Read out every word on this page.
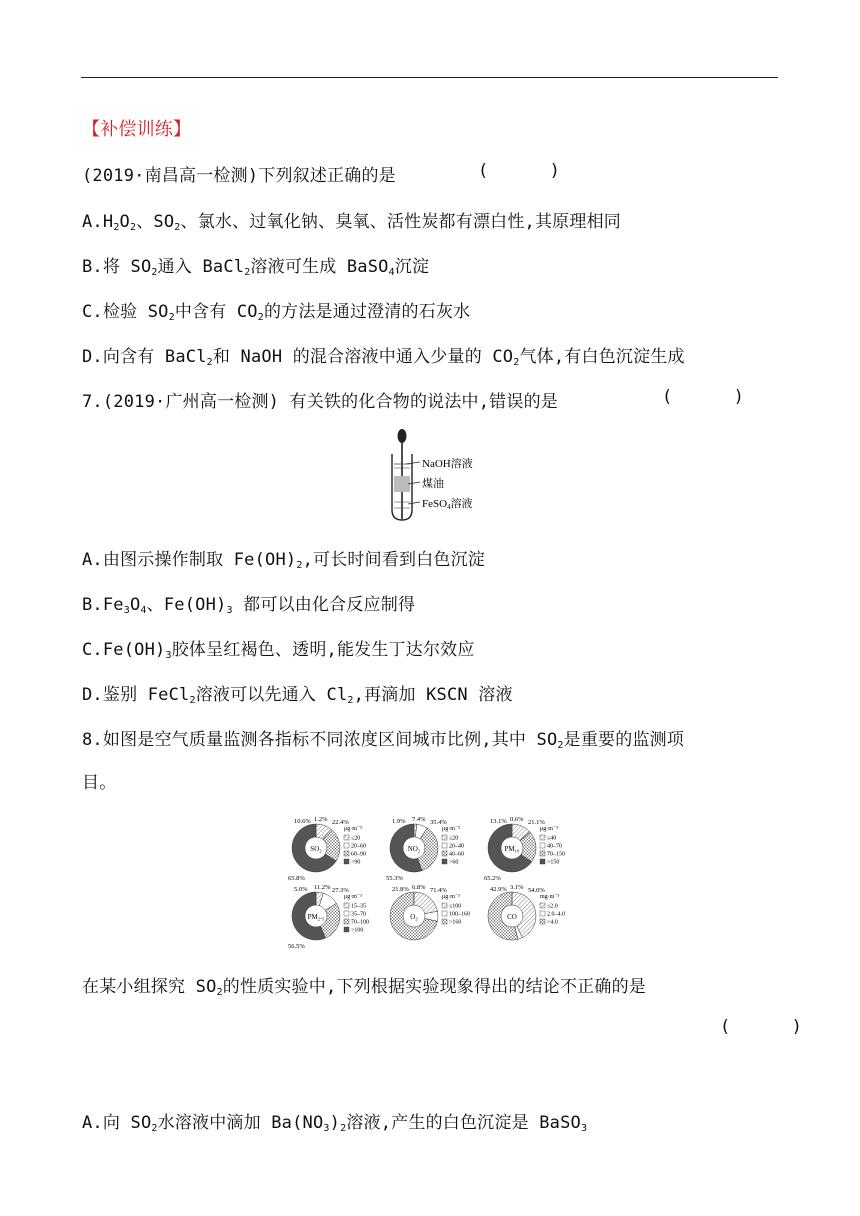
【补偿训练】
(2019·南昌高一检测)下列叙述正确的是	(      )
$A.H_2O_2$、$SO_2$、氯水、过氧化钠、臭氧、活性炭都有漂白性,其原理相同
B.将 $SO_2$通入 BaCl$_2$溶液可生成 BaSO$_4$沉淀
C.检验 $SO_2$中含有 $CO_2$的方法是通过澄清的石灰水
D.向含有 BaCl$_2$和 NaOH 的混合溶液中通入少量的 $CO_2$气体,有白色沉淀生成
7.(2019·广州高一检测) 有关铁的化合物的说法中,错误的是	(      )
NaOH溶液
煤油
FeSO4溶液
A.由图示操作制取 $Fe(OH)_2$,可长时间看到白色沉淀
$B.Fe_3O_4$、$Fe(OH)_3$ 都可以由化合反应制得
$C.Fe(OH)_3$胶体呈红褐色、透明,能发生丁达尔效应
D.鉴别 FeCl$_2$溶液可以先通入 $Cl_2$,再滴加 KSCN 溶液
8.如图是空气质量监测各指标不同浓度区间城市比例,其中 $SO_2$是重要的监测项
目。
SO₂
10.6% 1.2% 22.4%
65.8%
μg·m⁻³
≤20
20–60
60–90
>90
NO₂
1.9% 7.4% 35.4%
55.3%
μg·m⁻³
≤20
20–40
40–60
>60
PM₁₀
13.1% 0.6% 21.1%
65.2%
μg·m⁻³
≤40
40–70
70–150
>150
PM₂.₅
5.0% 11.2% 27.3%
56.5%
μg·m⁻³
15–35
35–70
70–100
>100
O₃
21.8% 6.8% 71.4%
μg·m⁻³
≤100
100–160
>160
CO
42.9% 3.1% 54.0%
mg·m⁻³
≤2.0
2.0–4.0
>4.0
在某小组探究 $SO_2$的性质实验中,下列根据实验现象得出的结论不正确的是
(      )
A.向 $SO_2$水溶液中滴加 $Ba(NO_3)_2$溶液,产生的白色沉淀是 BaSO$_3$
